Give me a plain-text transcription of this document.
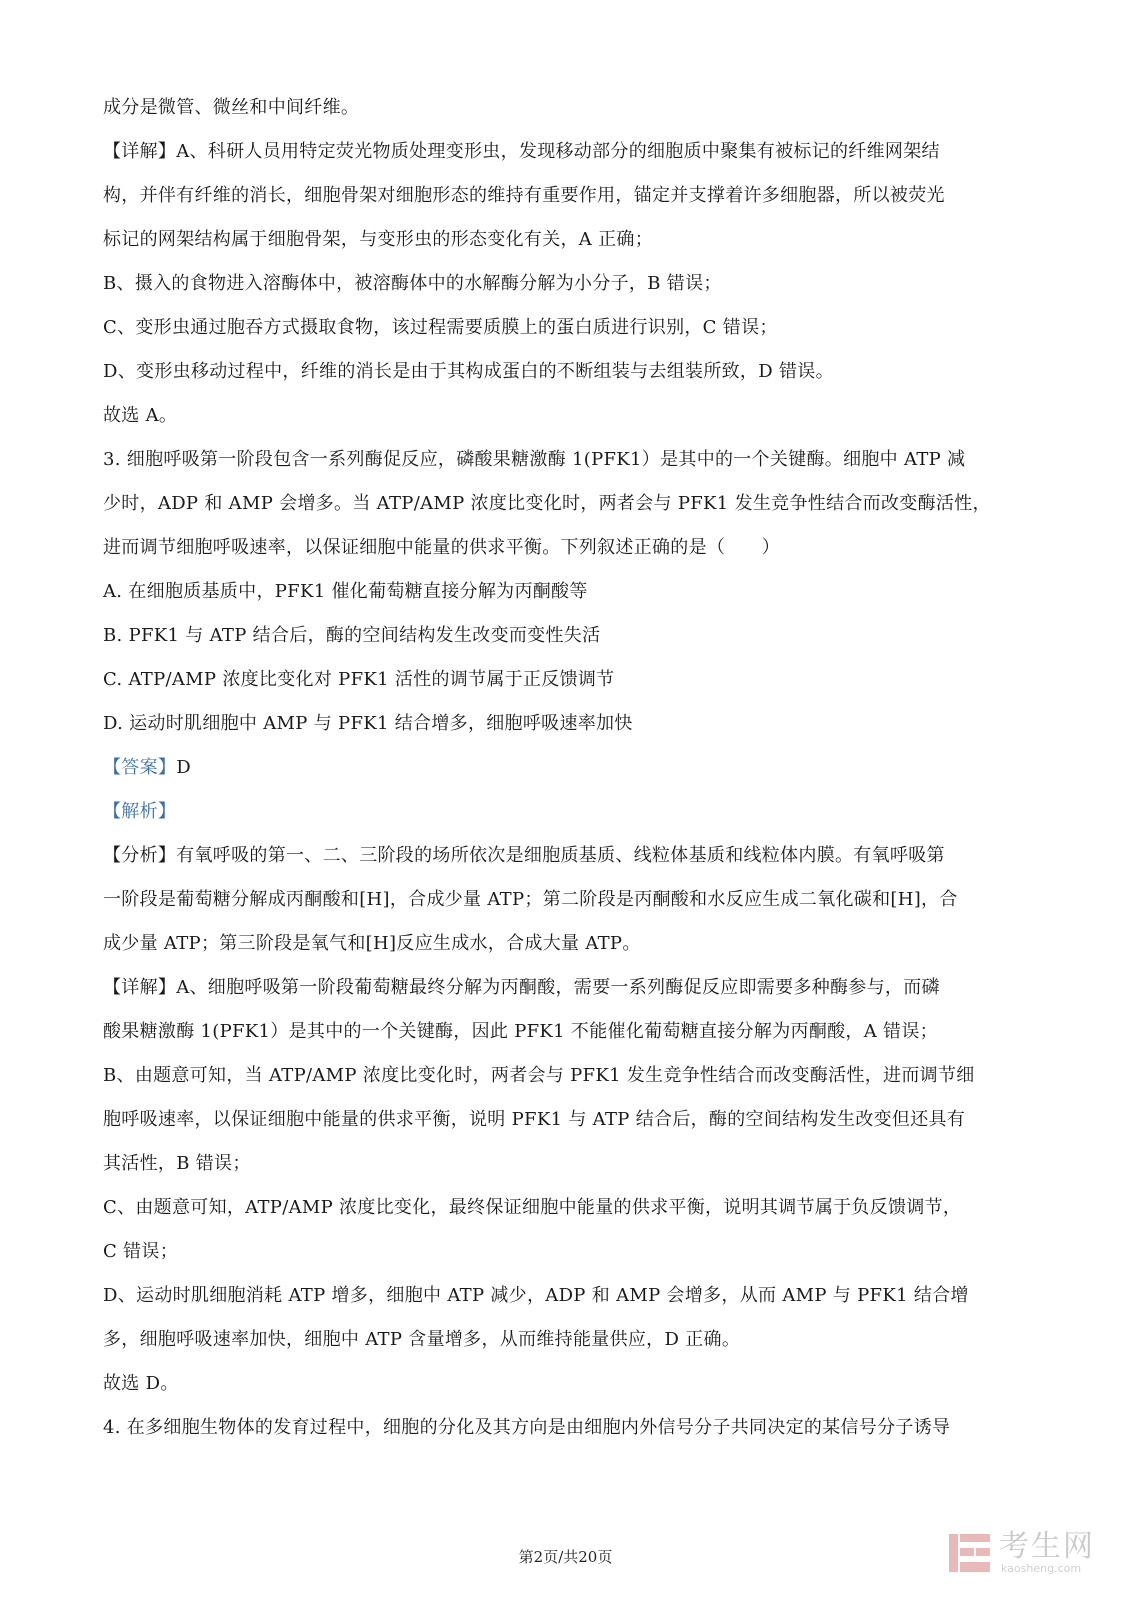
成分是微管、微丝和中间纤维。
【详解】A、科研人员用特定荧光物质处理变形虫，发现移动部分的细胞质中聚集有被标记的纤维网架结
构，并伴有纤维的消长，细胞骨架对细胞形态的维持有重要作用，锚定并支撑着许多细胞器，所以被荧光
标记的网架结构属于细胞骨架，与变形虫的形态变化有关，A 正确；
B、摄入的食物进入溶酶体中，被溶酶体中的水解酶分解为小分子，B 错误；
C、变形虫通过胞吞方式摄取食物，该过程需要质膜上的蛋白质进行识别，C 错误；
D、变形虫移动过程中，纤维的消长是由于其构成蛋白的不断组装与去组装所致，D 错误。
故选 A。
3. 细胞呼吸第一阶段包含一系列酶促反应，磷酸果糖激酶 1(PFK1）是其中的一个关键酶。细胞中 ATP 减
少时，ADP 和 AMP 会增多。当 ATP/AMP 浓度比变化时，两者会与 PFK1 发生竞争性结合而改变酶活性，
进而调节细胞呼吸速率，以保证细胞中能量的供求平衡。下列叙述正确的是（　　）
A. 在细胞质基质中，PFK1 催化葡萄糖直接分解为丙酮酸等
B. PFK1 与 ATP 结合后，酶的空间结构发生改变而变性失活
C. ATP/AMP 浓度比变化对 PFK1 活性的调节属于正反馈调节
D. 运动时肌细胞中 AMP 与 PFK1 结合增多，细胞呼吸速率加快
【答案】D
【解析】
【分析】有氧呼吸的第一、二、三阶段的场所依次是细胞质基质、线粒体基质和线粒体内膜。有氧呼吸第
一阶段是葡萄糖分解成丙酮酸和[H]，合成少量 ATP；第二阶段是丙酮酸和水反应生成二氧化碳和[H]，合
成少量 ATP；第三阶段是氧气和[H]反应生成水，合成大量 ATP。
【详解】A、细胞呼吸第一阶段葡萄糖最终分解为丙酮酸，需要一系列酶促反应即需要多种酶参与，而磷
酸果糖激酶 1(PFK1）是其中的一个关键酶，因此 PFK1 不能催化葡萄糖直接分解为丙酮酸，A 错误；
B、由题意可知，当 ATP/AMP 浓度比变化时，两者会与 PFK1 发生竞争性结合而改变酶活性，进而调节细
胞呼吸速率，以保证细胞中能量的供求平衡，说明 PFK1 与 ATP 结合后，酶的空间结构发生改变但还具有
其活性，B 错误；
C、由题意可知，ATP/AMP 浓度比变化，最终保证细胞中能量的供求平衡，说明其调节属于负反馈调节，
C 错误；
D、运动时肌细胞消耗 ATP 增多，细胞中 ATP 减少，ADP 和 AMP 会增多，从而 AMP 与 PFK1 结合增
多，细胞呼吸速率加快，细胞中 ATP 含量增多，从而维持能量供应，D 正确。
故选 D。
4. 在多细胞生物体的发育过程中，细胞的分化及其方向是由细胞内外信号分子共同决定的某信号分子诱导
第2页/共20页	考生网
kaosheng.com
